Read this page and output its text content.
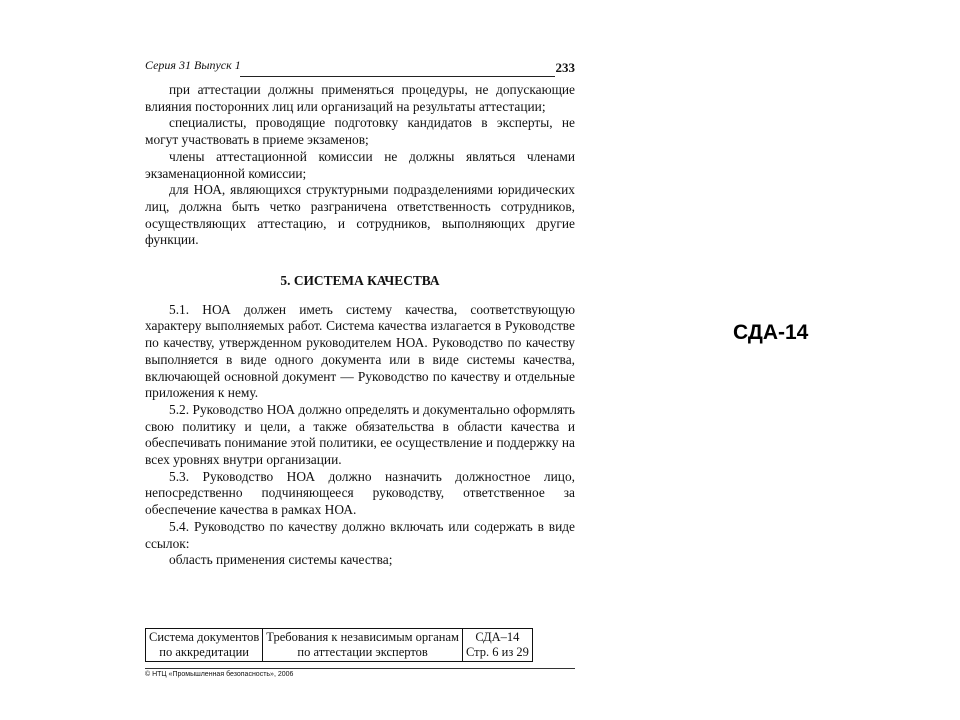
Серия 31 Выпуск 1	233

при аттестации должны применяться процедуры, не допускающие влияния посторонних лиц или организаций на результаты аттестации;

специалисты, проводящие подготовку кандидатов в эксперты, не могут участвовать в приеме экзаменов;

члены аттестационной комиссии не должны являться членами экзаменационной комиссии;

для НОА, являющихся структурными подразделениями юридических лиц, должна быть четко разграничена ответственность сотрудников, осуществляющих аттестацию, и сотрудников, выполняющих другие функции.

5. СИСТЕМА КАЧЕСТВА

5.1. НОА должен иметь систему качества, соответствующую характеру выполняемых работ. Система качества излагается в Руководстве по качеству, утвержденном руководителем НОА. Руководство по качеству выполняется в виде одного документа или в виде системы качества, включающей основной документ — Руководство по качеству и отдельные приложения к нему.

5.2. Руководство НОА должно определять и документально оформлять свою политику и цели, а также обязательства в области качества и обеспечивать понимание этой политики, ее осуществление и поддержку на всех уровнях внутри организации.

5.3. Руководство НОА должно назначить должностное лицо, непосредственно подчиняющееся руководству, ответственное за обеспечение качества в рамках НОА.

5.4. Руководство по качеству должно включать или содержать в виде ссылок:

область применения системы качества;

Система документов
по аккредитации

Требования к независимым органам
по аттестации экспертов

СДА–14
Стр. 6 из 29
© НТЦ «Промышленная безопасность», 2006
СДА-14
